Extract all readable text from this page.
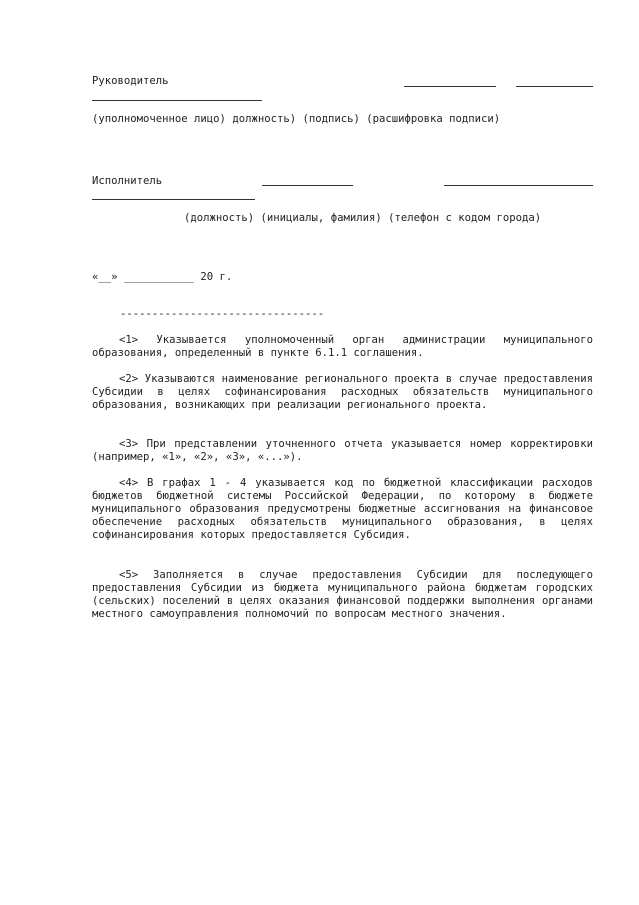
Руководитель
(уполномоченное лицо) должность) (подпись) (расшифровка подписи)
Исполнитель
(должность) (инициалы, фамилия) (телефон с кодом города)
«__» ___________ 20 г.
--------------------------------
<1> Указывается уполномоченный орган администрации муниципального образования, определенный в пункте 6.1.1 соглашения.
<2> Указываются наименование регионального проекта в случае предоставления Субсидии в целях софинансирования расходных обязательств муниципального образования, возникающих при реализации регионального проекта.
<3> При представлении уточненного отчета указывается номер корректировки (например, «1», «2», «3», «...»).
<4> В графах 1 - 4 указывается код по бюджетной классификации расходов бюджетов бюджетной системы Российской Федерации, по которому в бюджете муниципального образования предусмотрены бюджетные ассигнования на финансовое обеспечение расходных обязательств муниципального образования, в целях софинансирования которых предоставляется Субсидия.
<5> Заполняется в случае предоставления Субсидии для последующего предоставления Субсидии из бюджета муниципального района бюджетам городских (сельских) поселений в целях оказания финансовой поддержки выполнения органами местного самоуправления полномочий по вопросам местного значения.
